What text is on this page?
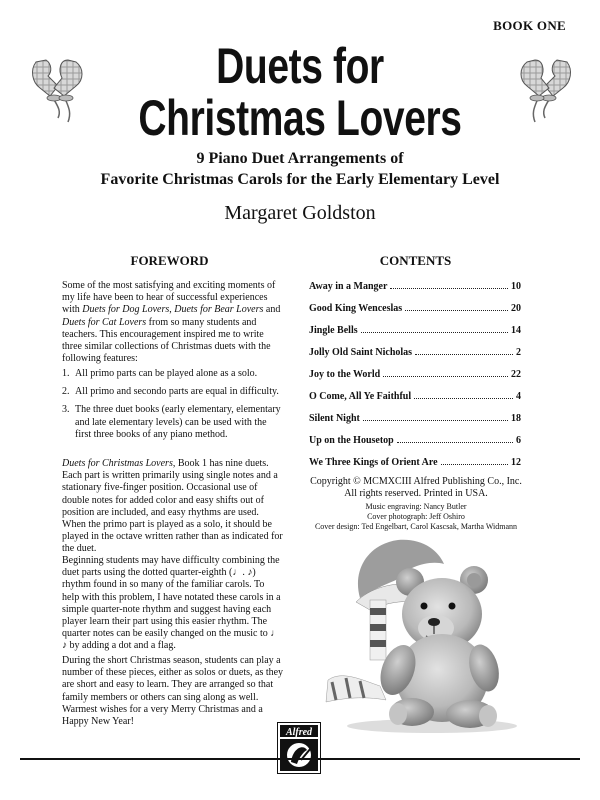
BOOK ONE
Duets for
Christmas Lovers
9 Piano Duet Arrangements of
Favorite Christmas Carols for the Early Elementary Level
Margaret Goldston
FOREWORD
Some of the most satisfying and exciting moments of my life have been to hear of successful experiences with Duets for Dog Lovers, Duets for Bear Lovers and Duets for Cat Lovers from so many students and teachers. This encouragement inspired me to write three similar collections of Christmas duets with the following features:
1. All primo parts can be played alone as a solo.
2. All primo and secondo parts are equal in difficulty.
3. The three duet books (early elementary, elementary and late elementary levels) can be used with the first three books of any piano method.
Duets for Christmas Lovers, Book 1 has nine duets. Each part is written primarily using single notes and a stationary five-finger position. Occasional use of double notes for added color and easy shifts out of position are included, and easy rhythms are used. When the primo part is played as a solo, it should be played in the octave written rather than as indicated for the duet.
Beginning students may have difficulty combining the duet parts using the dotted quarter-eighth (♩. ♪) rhythm found in so many of the familiar carols. To help with this problem, I have notated these carols in a simple quarter-note rhythm and suggest having each player learn their part using this easier rhythm. The quarter notes can be easily changed on the music to ♩ ♪ by adding a dot and a flag.
During the short Christmas season, students can play a number of these pieces, either as solos or duets, as they are short and easy to learn. They are arranged so that family members or others can sing along as well. Warmest wishes for a very Merry Christmas and a Happy New Year!
CONTENTS
Away in a Manger	10
Good King Wenceslas	20
Jingle Bells	14
Jolly Old Saint Nicholas	2
Joy to the World	22
O Come, All Ye Faithful	4
Silent Night	18
Up on the Housetop	6
We Three Kings of Orient Are	12
Copyright © MCMXCIII Alfred Publishing Co., Inc.
All rights reserved. Printed in USA.
Music engraving: Nancy Butler
Cover photograph: Jeff Oshiro
Cover design: Ted Engelbart, Carol Kascsak, Martha Widmann
Alfred
